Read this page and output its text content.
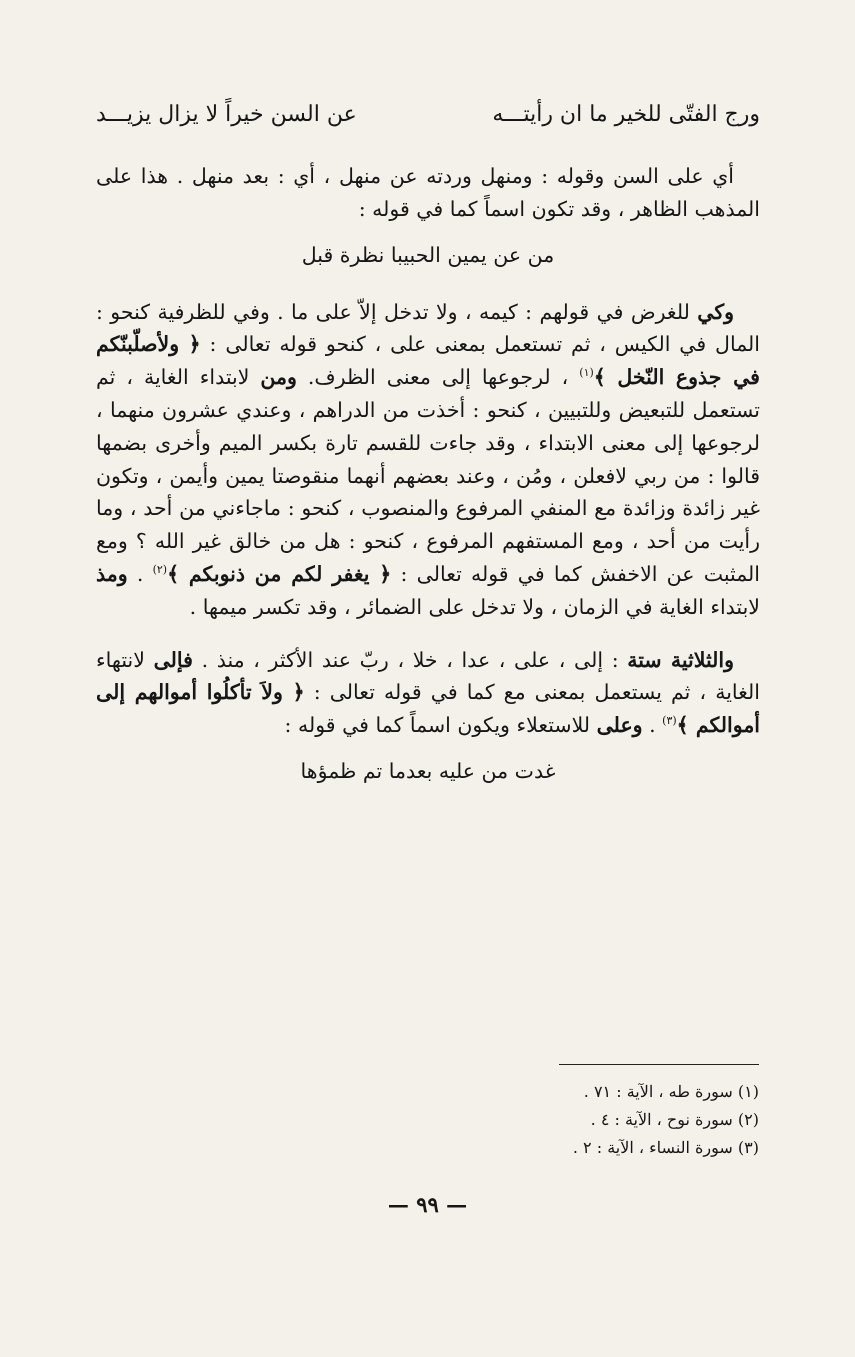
ورج الفتّى للخير ما ان رأيتـــه
عن السن خيراً لا يزال يزيـــد

أي على السن وقوله : ومنهل وردته عن منهل ، أي : بعد منهل . هذا على المذهب الظاهر ، وقد تكون اسماً كما في قوله :

من عن يمين الحبيبا نظرة قبل

وكي للغرض في قولهم : كيمه ، ولا تدخل إلاّ على ما . وفي للظرفية كنحو : المال في الكيس ، ثم تستعمل بمعنى على ، كنحو قوله تعالى : ﴿ ولأصلّبنّكم في جذوع النّخل ﴾$^{(١)}$ ، لرجوعها إلى معنى الظرف. ومن لابتداء الغاية ، ثم تستعمل للتبعيض وللتبيين ، كنحو : أخذت من الدراهم ، وعندي عشرون منهما ، لرجوعها إلى معنى الابتداء ، وقد جاءت للقسم تارة بكسر الميم وأخرى بضمها قالوا : من ربي لافعلن ، ومُن ، وعند بعضهم أنهما منقوصتا يمين وأيمن ، وتكون غير زائدة وزائدة مع المنفي المرفوع والمنصوب ، كنحو : ماجاءني من أحد ، وما رأيت من أحد ، ومع المستفهم المرفوع ، كنحو : هل من خالق غير الله ؟ ومع المثبت عن الاخفش كما في قوله تعالى : ﴿ يغفر لكم من ذنوبكم ﴾$^{(٢)}$ . ومذ لابتداء الغاية في الزمان ، ولا تدخل على الضمائر ، وقد تكسر ميمها .

والثلاثية ستة : إلى ، على ، عدا ، خلا ، ربّ عند الأكثر ، منذ . فإلى لانتهاء الغاية ، ثم يستعمل بمعنى مع كما في قوله تعالى : ﴿ ولاَ تأكلُوا أموالهم إلى أموالكم ﴾$^{(٣)}$ . وعلى للاستعلاء ويكون اسماً كما في قوله :

غدت من عليه بعدما تم ظمؤها
(١) سورة طه ، الآية : ٧١ .
(٢) سورة نوح ، الآية : ٤ .
(٣) سورة النساء ، الآية : ٢ .
— ٩٩ —
